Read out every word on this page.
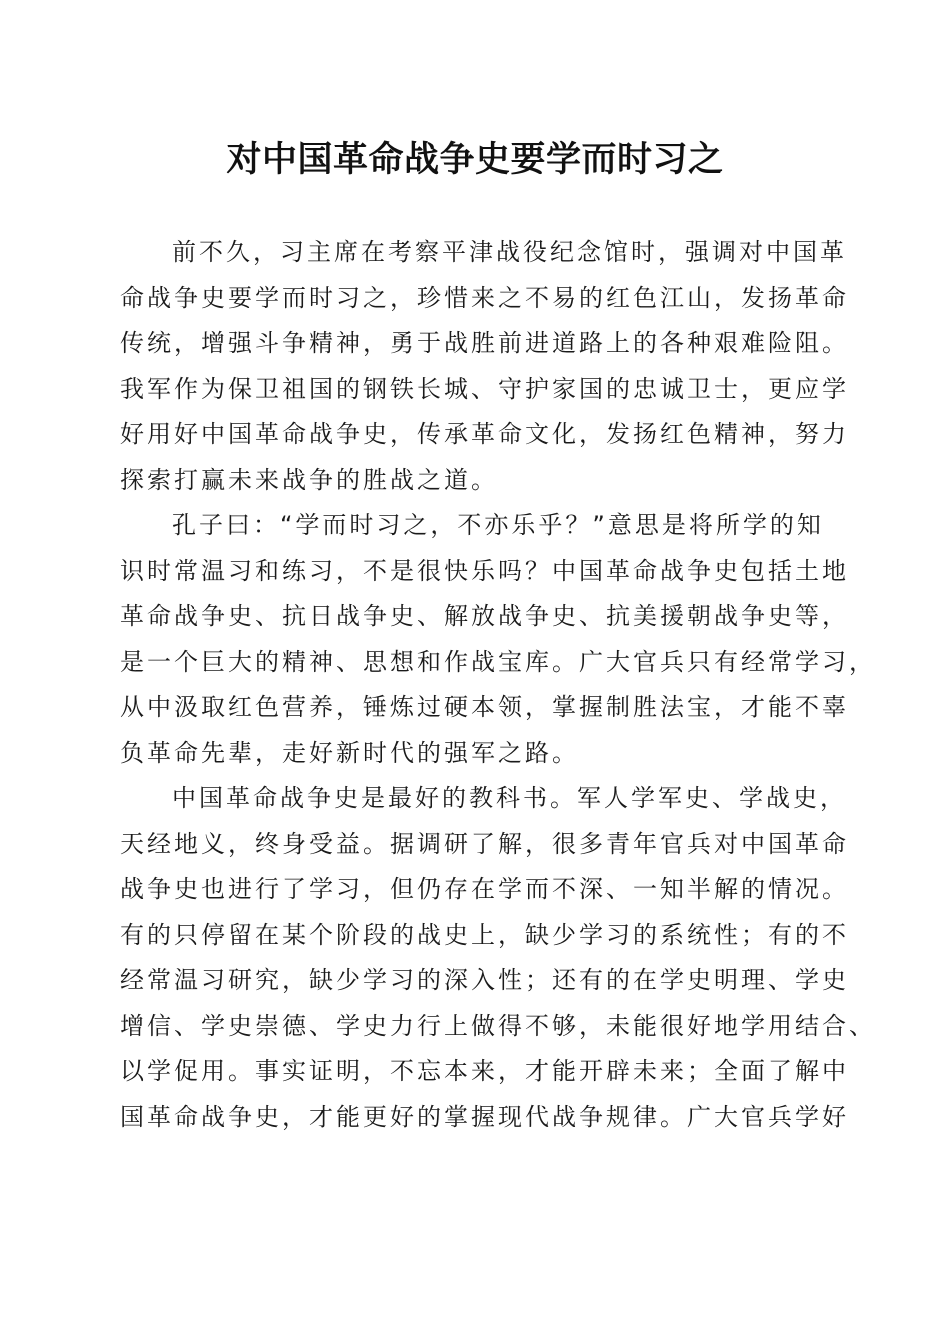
对中国革命战争史要学而时习之
前不久，习主席在考察平津战役纪念馆时，强调对中国革
命战争史要学而时习之，珍惜来之不易的红色江山，发扬革命
传统，增强斗争精神，勇于战胜前进道路上的各种艰难险阻。
我军作为保卫祖国的钢铁长城、守护家国的忠诚卫士，更应学
好用好中国革命战争史，传承革命文化，发扬红色精神，努力
探索打赢未来战争的胜战之道。
孔子曰：“学而时习之，不亦乐乎？”意思是将所学的知
识时常温习和练习，不是很快乐吗？中国革命战争史包括土地
革命战争史、抗日战争史、解放战争史、抗美援朝战争史等，
是一个巨大的精神、思想和作战宝库。广大官兵只有经常学习，
从中汲取红色营养，锤炼过硬本领，掌握制胜法宝，才能不辜
负革命先辈，走好新时代的强军之路。
中国革命战争史是最好的教科书。军人学军史、学战史，
天经地义，终身受益。据调研了解，很多青年官兵对中国革命
战争史也进行了学习，但仍存在学而不深、一知半解的情况。
有的只停留在某个阶段的战史上，缺少学习的系统性；有的不
经常温习研究，缺少学习的深入性；还有的在学史明理、学史
增信、学史崇德、学史力行上做得不够，未能很好地学用结合、
以学促用。事实证明，不忘本来，才能开辟未来；全面了解中
国革命战争史，才能更好的掌握现代战争规律。广大官兵学好
